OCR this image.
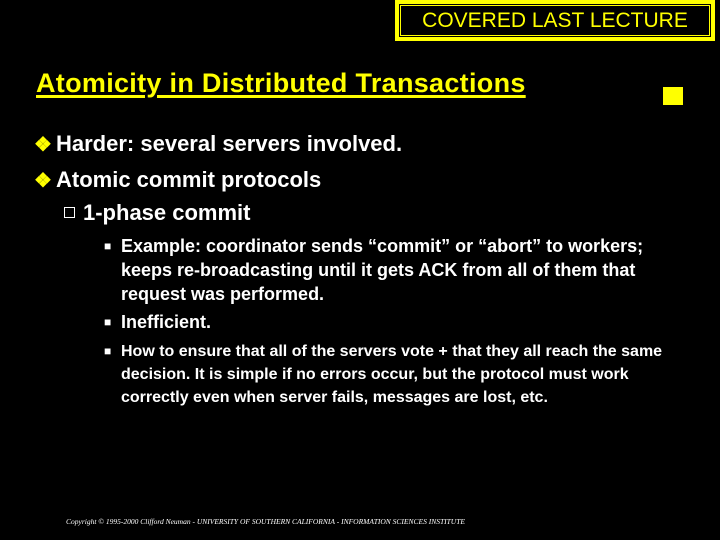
COVERED LAST LECTURE
Atomicity in Distributed Transactions
❖ Harder: several servers involved.
❖ Atomic commit protocols
1-phase commit
■ Example: coordinator sends “commit” or “abort” to workers; keeps re-broadcasting until it gets ACK from all of them that request was performed.
■ Inefficient.
■ How to ensure that all of the servers vote + that they all reach the same decision. It is simple if no errors occur, but the protocol must work correctly even when server fails, messages are lost, etc.
Copyright © 1995-2000 Clifford Neuman - UNIVERSITY OF SOUTHERN CALIFORNIA - INFORMATION SCIENCES INSTITUTE
